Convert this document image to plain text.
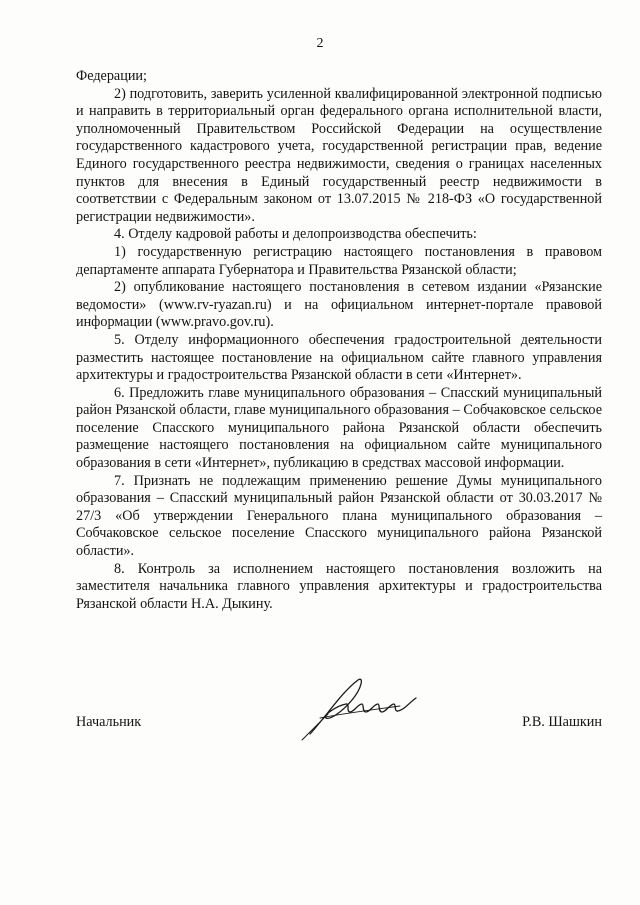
2

Федерации;

2) подготовить, заверить усиленной квалифицированной электронной подписью и направить в территориальный орган федерального органа исполнительной власти, уполномоченный Правительством Российской Федерации на осуществление государственного кадастрового учета, государственной регистрации прав, ведение Единого государственного реестра недвижимости, сведения о границах населенных пунктов для внесения в Единый государственный реестр недвижимости в соответствии с Федеральным законом от 13.07.2015 № 218-ФЗ «О государственной регистрации недвижимости».

4. Отделу кадровой работы и делопроизводства обеспечить:

1) государственную регистрацию настоящего постановления в правовом департаменте аппарата Губернатора и Правительства Рязанской области;

2) опубликование настоящего постановления в сетевом издании «Рязанские ведомости» (www.rv-ryazan.ru) и на официальном интернет-портале правовой информации (www.pravo.gov.ru).

5. Отделу информационного обеспечения градостроительной деятельности разместить настоящее постановление на официальном сайте главного управления архитектуры и градостроительства Рязанской области в сети «Интернет».

6. Предложить главе муниципального образования – Спасский муниципальный район Рязанской области, главе муниципального образования – Собчаковское сельское поселение Спасского муниципального района Рязанской области обеспечить размещение настоящего постановления на официальном сайте муниципального образования в сети «Интернет», публикацию в средствах массовой информации.

7. Признать не подлежащим применению решение Думы муниципального образования – Спасский муниципальный район Рязанской области от 30.03.2017 № 27/3 «Об утверждении Генерального плана муниципального образования – Собчаковское сельское поселение Спасского муниципального района Рязанской области».

8. Контроль за исполнением настоящего постановления возложить на заместителя начальника главного управления архитектуры и градостроительства Рязанской области Н.А. Дыкину.

Начальник	Р.В. Шашкин
